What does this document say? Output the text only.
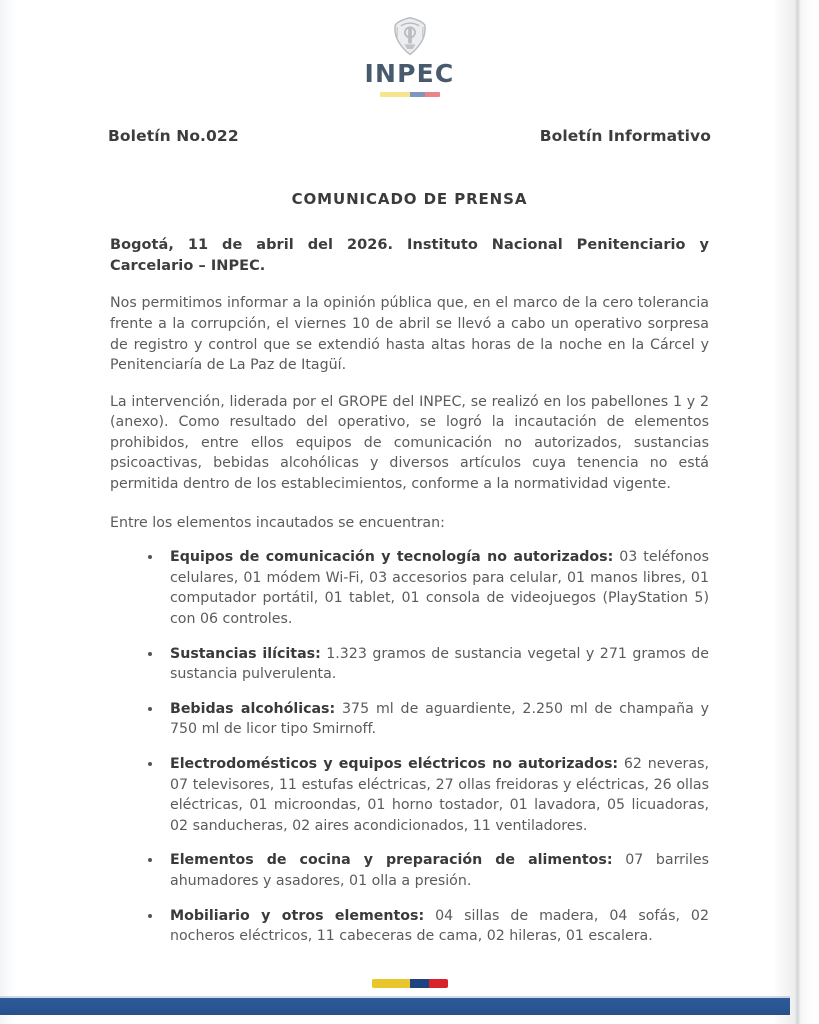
INPEC
Boletín No.022	Boletín Informativo
COMUNICADO DE PRENSA
Bogotá, 11 de abril del 2026. Instituto Nacional Penitenciario y Carcelario – INPEC.

Nos permitimos informar a la opinión pública que, en el marco de la cero tolerancia frente a la corrupción, el viernes 10 de abril se llevó a cabo un operativo sorpresa de registro y control que se extendió hasta altas horas de la noche en la Cárcel y Penitenciaría de La Paz de Itagüí.

La intervención, liderada por el GROPE del INPEC, se realizó en los pabellones 1 y 2 (anexo). Como resultado del operativo, se logró la incautación de elementos prohibidos, entre ellos equipos de comunicación no autorizados, sustancias psicoactivas, bebidas alcohólicas y diversos artículos cuya tenencia no está permitida dentro de los establecimientos, conforme a la normatividad vigente.

Entre los elementos incautados se encuentran:

Equipos de comunicación y tecnología no autorizados: 03 teléfonos celulares, 01 módem Wi-Fi, 03 accesorios para celular, 01 manos libres, 01 computador portátil, 01 tablet, 01 consola de videojuegos (PlayStation 5) con 06 controles.
Sustancias ilícitas: 1.323 gramos de sustancia vegetal y 271 gramos de sustancia pulverulenta.
Bebidas alcohólicas: 375 ml de aguardiente, 2.250 ml de champaña y 750 ml de licor tipo Smirnoff.
Electrodomésticos y equipos eléctricos no autorizados: 62 neveras, 07 televisores, 11 estufas eléctricas, 27 ollas freidoras y eléctricas, 26 ollas eléctricas, 01 microondas, 01 horno tostador, 01 lavadora, 05 licuadoras, 02 sanducheras, 02 aires acondicionados, 11 ventiladores.
Elementos de cocina y preparación de alimentos: 07 barriles ahumadores y asadores, 01 olla a presión.
Mobiliario y otros elementos: 04 sillas de madera, 04 sofás, 02 nocheros eléctricos, 11 cabeceras de cama, 02 hileras, 01 escalera.
